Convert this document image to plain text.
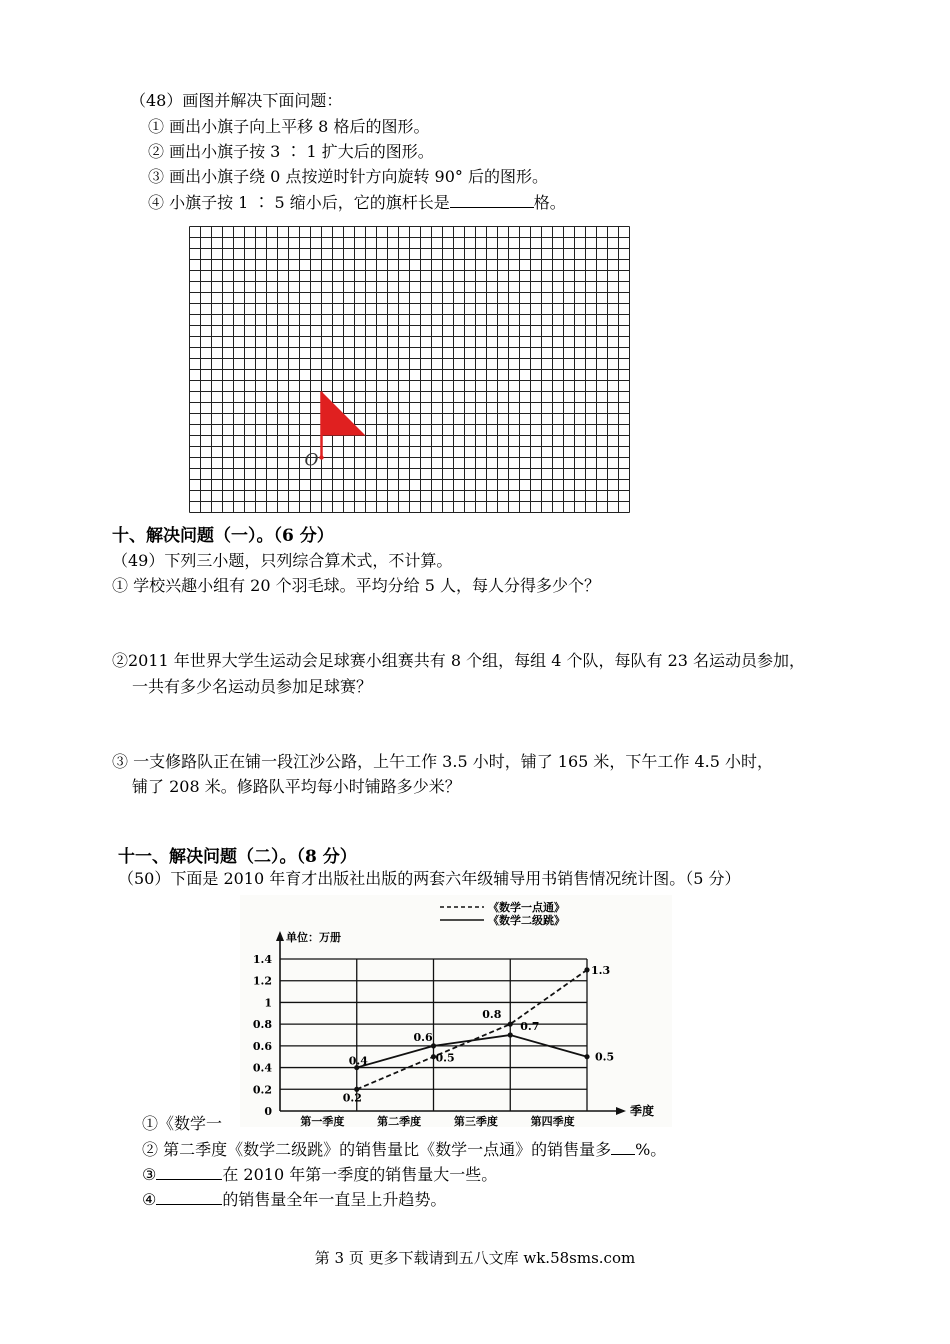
（48）画图并解决下面问题：
① 画出小旗子向上平移 8 格后的图形。
② 画出小旗子按 3 ∶ 1 扩大后的图形。
③ 画出小旗子绕 0 点按逆时针方向旋转 90° 后的图形。
④ 小旗子按 1 ∶ 5 缩小后，它的旗杆长是	格。
O
十、解决问题（一）。（6 分）
（49）下列三小题，只列综合算术式，不计算。
① 学校兴趣小组有 20 个羽毛球。平均分给 5 人，每人分得多少个？
②2011 年世界大学生运动会足球赛小组赛共有 8 个组，每组 4 个队，每队有 23 名运动员参加，
一共有多少名运动员参加足球赛？
③ 一支修路队正在铺一段江沙公路，上午工作 3.5 小时，铺了 165 米，下午工作 4.5 小时，
铺了 208 米。修路队平均每小时铺路多少米？
十一、解决问题（二）。（8 分）
（50）下面是 2010 年育才出版社出版的两套六年级辅导用书销售情况统计图。（5 分）
0
0.2
0.4
0.6
0.8
1
1.2
1.4
单位：万册
季度
第一季度	第二季度	第三季度	第四季度
《数学一点通》
《数学二级跳》
0.2
0.5
0.8
1.3
0.4
0.6
0.7
0.5
①《数学一
② 第二季度《数学二级跳》的销售量比《数学一点通》的销售量多 %。
③	在 2010 年第一季度的销售量大一些。
④	的销售量全年一直呈上升趋势。
第 3 页 更多下载请到五八文库 wk.58sms.com
